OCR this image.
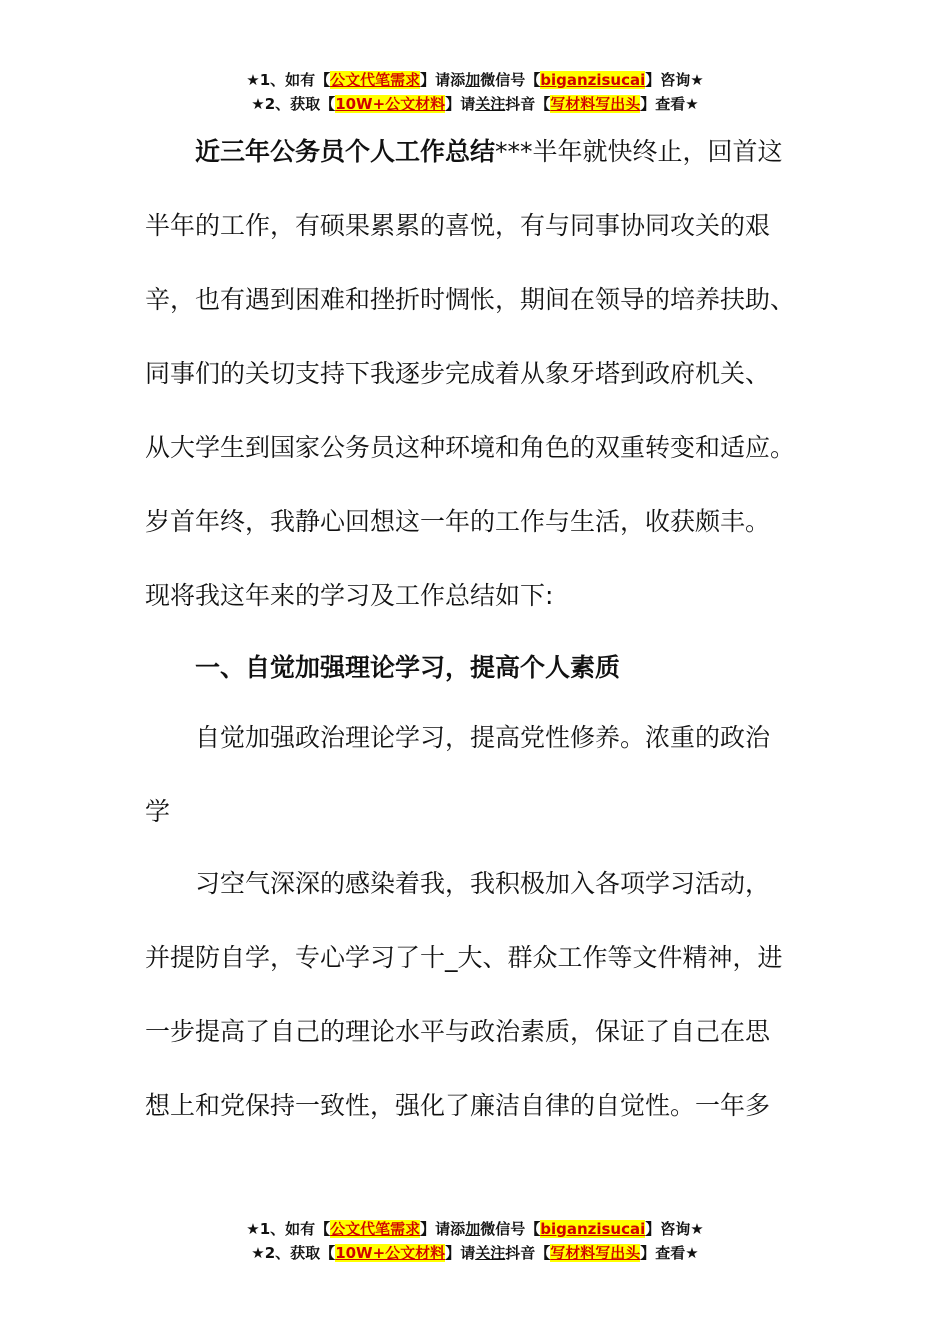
★1、如有【公文代笔需求】请添加微信号【biganzisucai】咨询★
★2、获取【10W+公文材料】请关注抖音【写材料写出头】查看★
近三年公务员个人工作总结***半年就快终止，回首这
半年的工作，有硕果累累的喜悦，有与同事协同攻关的艰
辛，也有遇到困难和挫折时惆怅，期间在领导的培养扶助、
同事们的关切支持下我逐步完成着从象牙塔到政府机关、
从大学生到国家公务员这种环境和角色的双重转变和适应。
岁首年终，我静心回想这一年的工作与生活，收获颇丰。
现将我这年来的学习及工作总结如下:
一、自觉加强理论学习，提高个人素质
自觉加强政治理论学习，提高党性修养。浓重的政治
学
习空气深深的感染着我，我积极加入各项学习活动，
并提防自学，专心学习了十_大、群众工作等文件精神，进
一步提高了自己的理论水平与政治素质，保证了自己在思
想上和党保持一致性，强化了廉洁自律的自觉性。一年多
★1、如有【公文代笔需求】请添加微信号【biganzisucai】咨询★
★2、获取【10W+公文材料】请关注抖音【写材料写出头】查看★
